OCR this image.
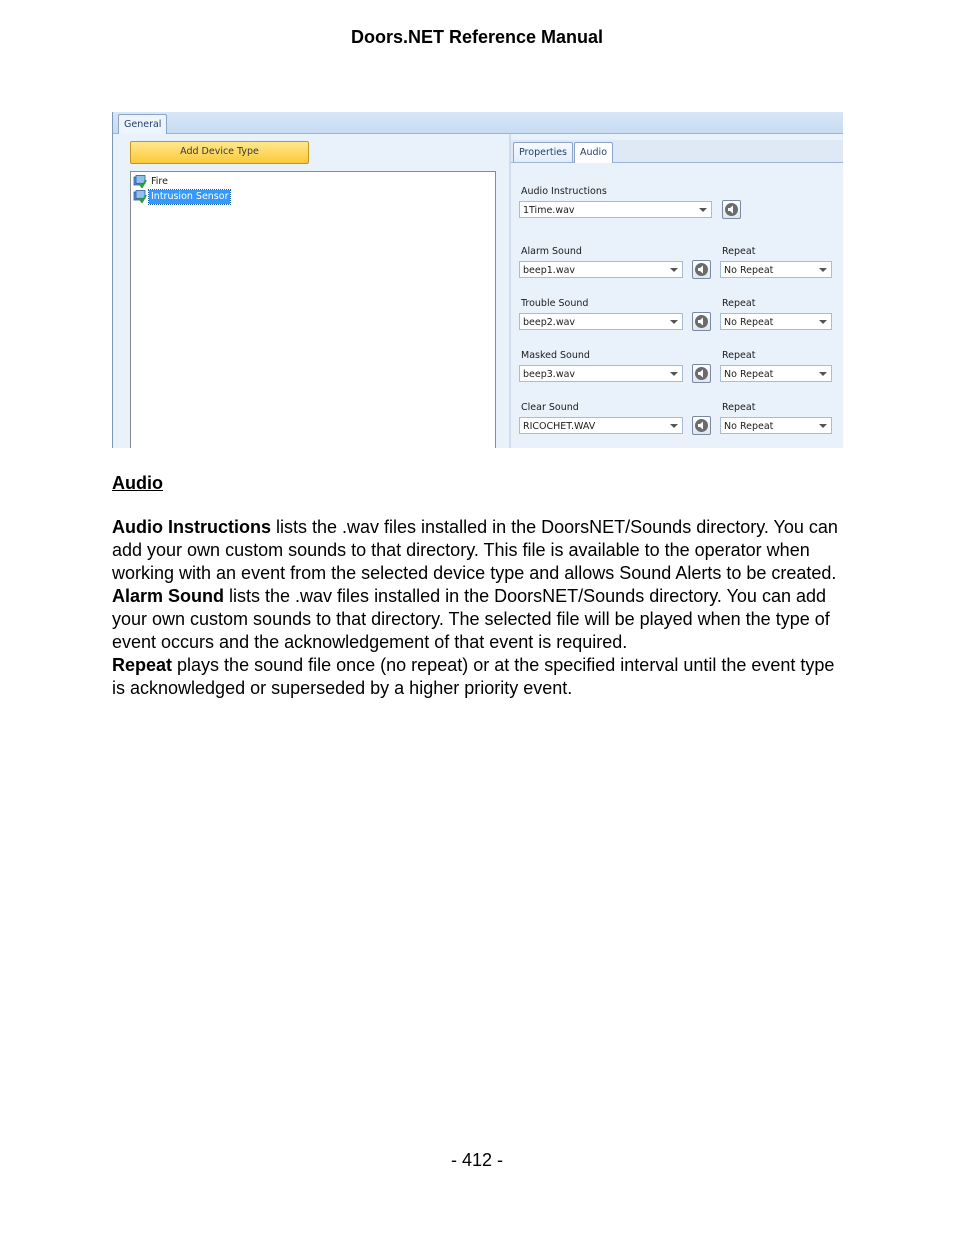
Doors.NET Reference Manual
General
Add Device Type
Fire
Intrusion Sensor
Properties	Audio
Audio Instructions
1Time.wav
Alarm Sound
beep1.wav
Repeat
No Repeat
Trouble Sound
beep2.wav
Repeat
No Repeat
Masked Sound
beep3.wav
Repeat
No Repeat
Clear Sound
RICOCHET.WAV
Repeat
No Repeat
Audio

Audio Instructions lists the .wav files installed in the DoorsNET/Sounds directory. You can add your own custom sounds to that directory. This file is available to the operator when working with an event from the selected device type and allows Sound Alerts to be created.

Alarm Sound lists the .wav files installed in the DoorsNET/Sounds directory. You can add your own custom sounds to that directory. The selected file will be played when the type of event occurs and the acknowledgement of that event is required.

Repeat plays the sound file once (no repeat) or at the specified interval until the event type is acknowledged or superseded by a higher priority event.

- 412 -
